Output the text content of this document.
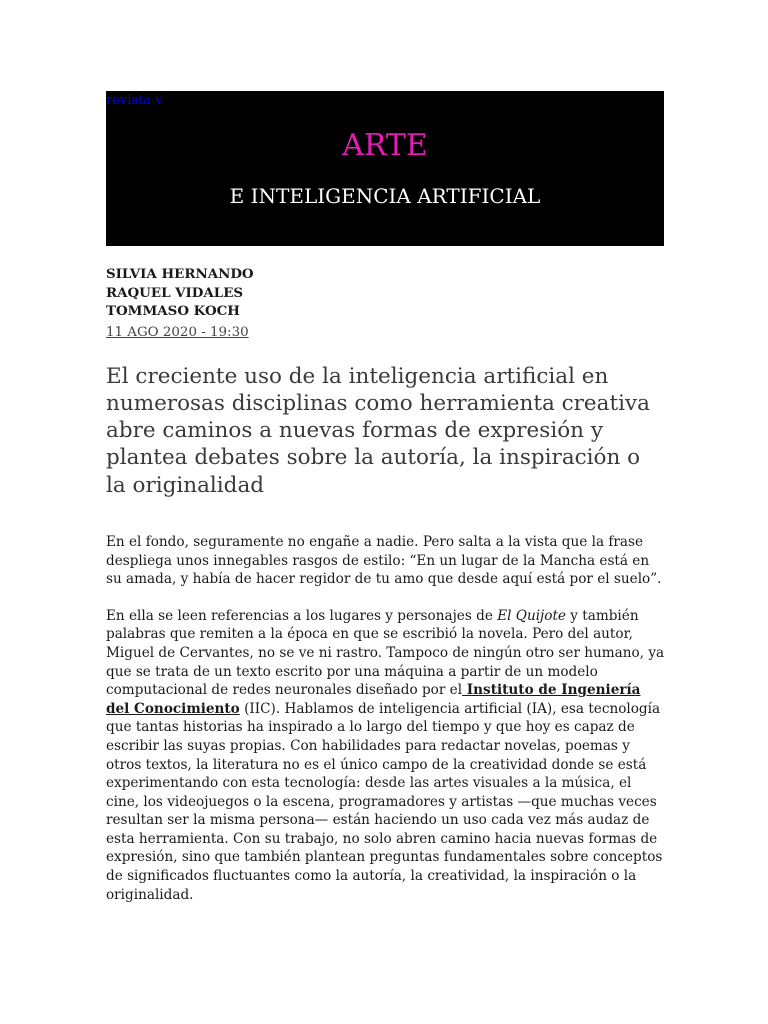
revista v
ARTE
E INTELIGENCIA ARTIFICIAL
SILVIA HERNANDO
RAQUEL VIDALES
TOMMASO KOCH
11 AGO 2020 - 19:30
El creciente uso de la inteligencia artificial en numerosas disciplinas como herramienta creativa abre caminos a nuevas formas de expresión y plantea debates sobre la autoría, la inspiración o la originalidad
En el fondo, seguramente no engañe a nadie. Pero salta a la vista que la frase despliega unos innegables rasgos de estilo: “En un lugar de la Mancha está en su amada, y había de hacer regidor de tu amo que desde aquí está por el suelo”.
En ella se leen referencias a los lugares y personajes de El Quijote y también palabras que remiten a la época en que se escribió la novela. Pero del autor, Miguel de Cervantes, no se ve ni rastro. Tampoco de ningún otro ser humano, ya que se trata de un texto escrito por una máquina a partir de un modelo computacional de redes neuronales diseñado por el Instituto de Ingeniería del Conocimiento (IIC). Hablamos de inteligencia artificial (IA), esa tecnología que tantas historias ha inspirado a lo largo del tiempo y que hoy es capaz de escribir las suyas propias. Con habilidades para redactar novelas, poemas y otros textos, la literatura no es el único campo de la creatividad donde se está experimentando con esta tecnología: desde las artes visuales a la música, el cine, los videojuegos o la escena, programadores y artistas —que muchas veces resultan ser la misma persona— están haciendo un uso cada vez más audaz de esta herramienta. Con su trabajo, no solo abren camino hacia nuevas formas de expresión, sino que también plantean preguntas fundamentales sobre conceptos de significados fluctuantes como la autoría, la creatividad, la inspiración o la originalidad.
